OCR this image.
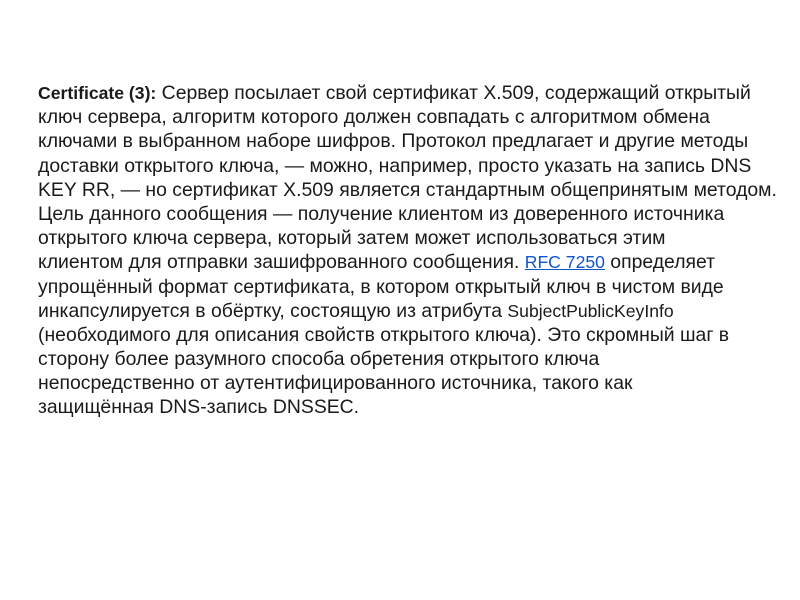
Certificate (3): Сервер посылает свой сертификат X.509, содержащий открытый
ключ сервера, алгоритм которого должен совпадать с алгоритмом обмена
ключами в выбранном наборе шифров. Протокол предлагает и другие методы
доставки открытого ключа, — можно, например, просто указать на запись DNS
KEY RR, — но сертификат X.509 является стандартным общепринятым методом.
Цель данного сообщения — получение клиентом из доверенного источника
открытого ключа сервера, который затем может использоваться этим
клиентом для отправки зашифрованного сообщения. RFC 7250 определяет
упрощённый формат сертификата, в котором открытый ключ в чистом виде
инкапсулируется в обёртку, состоящую из атрибута SubjectPublicKeyInfo
(необходимого для описания свойств открытого ключа). Это скромный шаг в
сторону более разумного способа обретения открытого ключа
непосредственно от аутентифицированного источника, такого как
защищённая DNS-запись DNSSEC.
